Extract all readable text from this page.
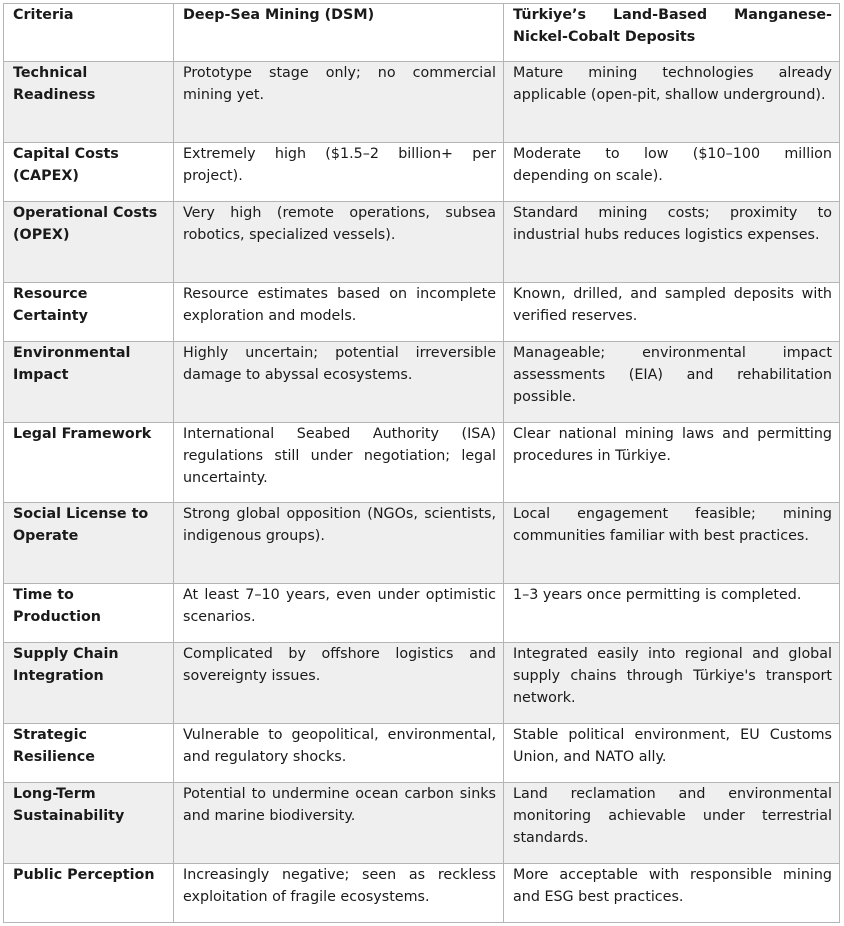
Criteria	Deep-Sea Mining (DSM)	Türkiye’s Land-Based Manganese-Nickel-Cobalt Deposits
Technical Readiness	Prototype stage only; no commercial mining yet.	Mature mining technologies already applicable (open-pit, shallow underground).
Capital Costs (CAPEX)	Extremely high ($1.5–2 billion+ per project).	Moderate to low ($10–100 million depending on scale).
Operational Costs (OPEX)	Very high (remote operations, subsea robotics, specialized vessels).	Standard mining costs; proximity to industrial hubs reduces logistics expenses.
Resource Certainty	Resource estimates based on incomplete exploration and models.	Known, drilled, and sampled deposits with verified reserves.
Environmental Impact	Highly uncertain; potential irreversible damage to abyssal ecosystems.	Manageable; environmental impact assessments (EIA) and rehabilitation possible.
Legal Framework	International Seabed Authority (ISA) regulations still under negotiation; legal uncertainty.	Clear national mining laws and permitting procedures in Türkiye.
Social License to Operate	Strong global opposition (NGOs, scientists, indigenous groups).	Local engagement feasible; mining communities familiar with best practices.
Time to Production	At least 7–10 years, even under optimistic scenarios.	1–3 years once permitting is completed.
Supply Chain Integration	Complicated by offshore logistics and sovereignty issues.	Integrated easily into regional and global supply chains through Türkiye's transport network.
Strategic Resilience	Vulnerable to geopolitical, environmental, and regulatory shocks.	Stable political environment, EU Customs Union, and NATO ally.
Long-Term Sustainability	Potential to undermine ocean carbon sinks and marine biodiversity.	Land reclamation and environmental monitoring achievable under terrestrial standards.
Public Perception	Increasingly negative; seen as reckless exploitation of fragile ecosystems.	More acceptable with responsible mining and ESG best practices.
